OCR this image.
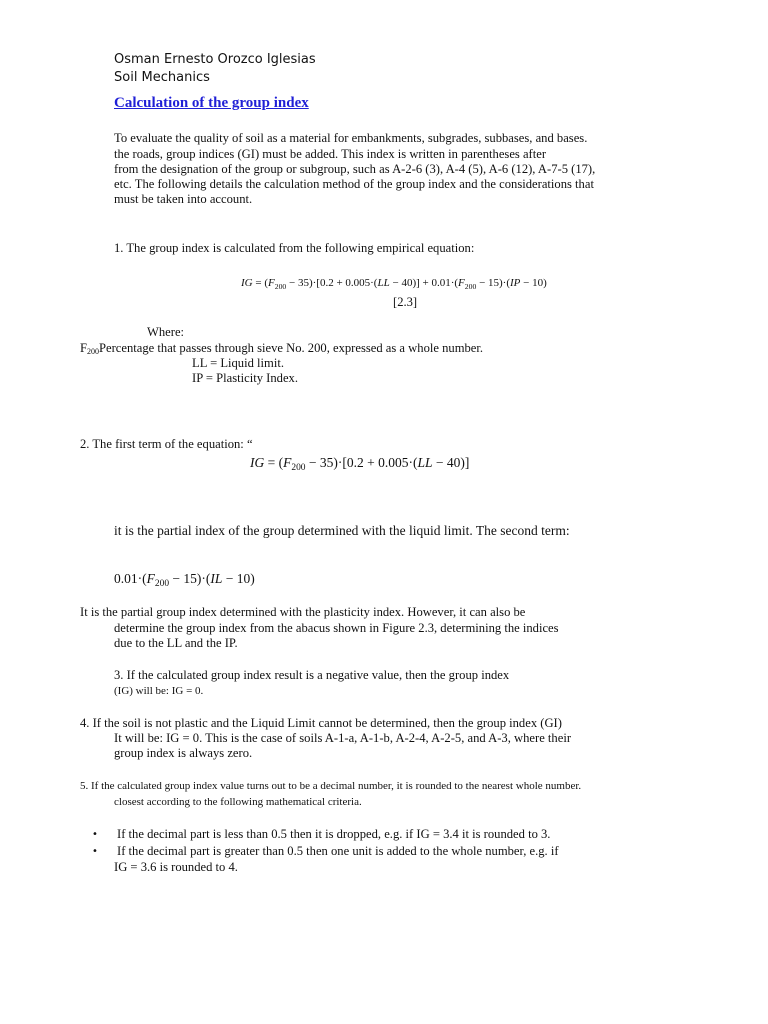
Osman Ernesto Orozco Iglesias
Soil Mechanics
Calculation of the group index
To evaluate the quality of soil as a material for embankments, subgrades, subbases, and bases.
the roads, group indices (GI) must be added. This index is written in parentheses after
from the designation of the group or subgroup, such as A-2-6 (3), A-4 (5), A-6 (12), A-7-5 (17),
etc. The following details the calculation method of the group index and the considerations that
must be taken into account.
1. The group index is calculated from the following empirical equation:
IG = $(F_{200} - 35)\cdot[0.2 + 0.005\cdot(LL - 40)] + 0.01\cdot(F_{200} - 15)\cdot(IP - 10)$
[2.3]
Where:
F200Percentage that passes through sieve No. 200, expressed as a whole number.
LL = Liquid limit.
IP = Plasticity Index.
2. The first term of the equation: “
IG = $(F_{200} - 35)\cdot[0.2 + 0.005\cdot(LL - 40)]$
it is the partial index of the group determined with the liquid limit. The second term:
$0.01\cdot(F_{200} - 15)\cdot(IL - 10)$
It is the partial group index determined with the plasticity index. However, it can also be
determine the group index from the abacus shown in Figure 2.3, determining the indices
due to the LL and the IP.
3. If the calculated group index result is a negative value, then the group index
(IG) will be: IG = 0.
4. If the soil is not plastic and the Liquid Limit cannot be determined, then the group index (GI)
It will be: IG = 0. This is the case of soils A-1-a, A-1-b, A-2-4, A-2-5, and A-3, where their
group index is always zero.
5. If the calculated group index value turns out to be a decimal number, it is rounded to the nearest whole number.
closest according to the following mathematical criteria.
• If the decimal part is less than 0.5 then it is dropped, e.g. if IG = 3.4 it is rounded to 3.
• If the decimal part is greater than 0.5 then one unit is added to the whole number, e.g. if
IG = 3.6 is rounded to 4.
